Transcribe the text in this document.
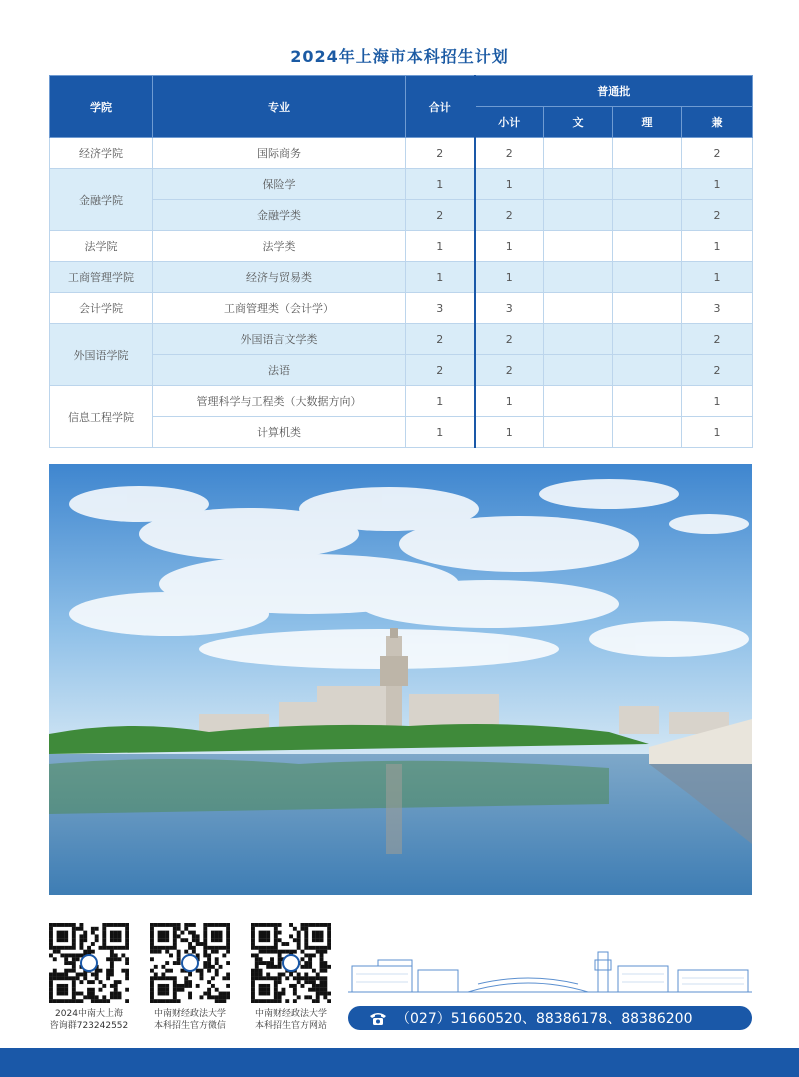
2024年上海市本科招生计划
学院	专业	合计	普通批			
			小计	文	理	兼
经济学院	国际商务	2	2			2
金融学院	保险学	1	1			1
	金融学类	2	2			2
法学院	法学类	1	1			1
工商管理学院	经济与贸易类	1	1			1
会计学院	工商管理类（会计学）	3	3			3
外国语学院	外国语言文学类	2	2			2
	法语	2	2			2
信息工程学院	管理科学与工程类（大数据方向）	1	1			1
	计算机类	1	1			1
2024中南大上海
咨询群723242552
中南财经政法大学
本科招生官方微信
中南财经政法大学
本科招生官方网站	（027）51660520、88386178、88386200
